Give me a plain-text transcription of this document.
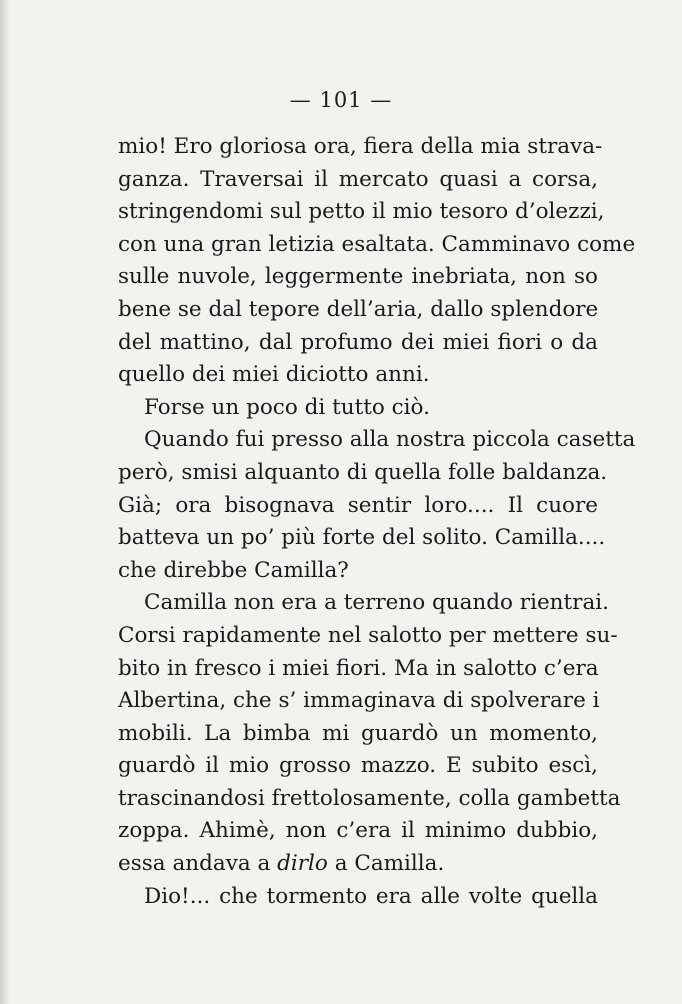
— 101 —
mio! Ero gloriosa ora, fiera della mia strava-
ganza. Traversai il mercato quasi a corsa,
stringendomi sul petto il mio tesoro d’olezzi,
con una gran letizia esaltata. Camminavo come
sulle nuvole, leggermente inebriata, non so
bene se dal tepore dell’aria, dallo splendore
del mattino, dal profumo dei miei fiori o da
quello dei miei diciotto anni.
Forse un poco di tutto ciò.
Quando fui presso alla nostra piccola casetta
però, smisi alquanto di quella folle baldanza.
Già; ora bisognava sentir loro.... Il cuore
batteva un po’ più forte del solito. Camilla....
che direbbe Camilla?
Camilla non era a terreno quando rientrai.
Corsi rapidamente nel salotto per mettere su-
bito in fresco i miei fiori. Ma in salotto c’era
Albertina, che s’ immaginava di spolverare i
mobili. La bimba mi guardò un momento,
guardò il mio grosso mazzo. E subito escì,
trascinandosi frettolosamente, colla gambetta
zoppa. Ahimè, non c’era il minimo dubbio,
essa andava a dirlo a Camilla.
Dio!... che tormento era alle volte quella
